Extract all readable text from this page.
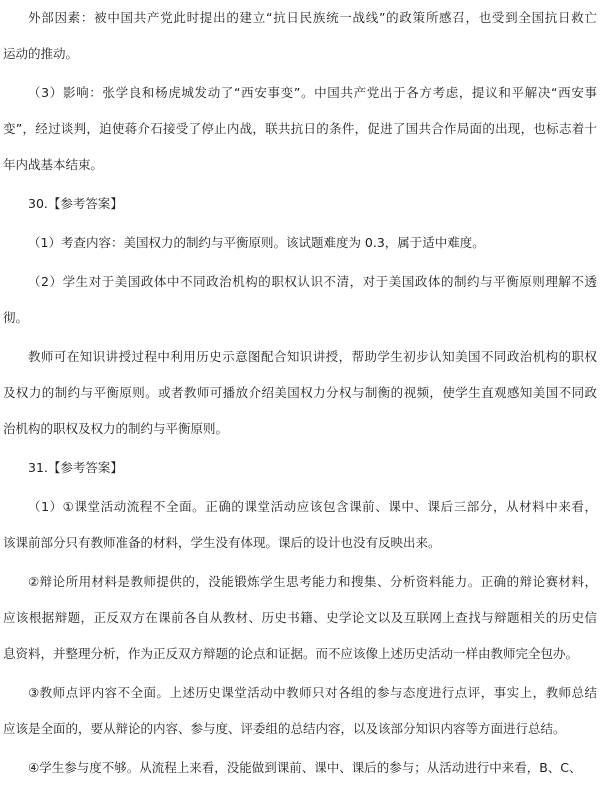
外部因素：被中国共产党此时提出的建立“抗日民族统一战线”的政策所感召，也受到全国抗日救亡
运动的推动。

（3）影响：张学良和杨虎城发动了“西安事变”。中国共产党出于各方考虑，提议和平解决“西安事
变”，经过谈判，迫使蒋介石接受了停止内战，联共抗日的条件，促进了国共合作局面的出现，也标志着十
年内战基本结束。

30.【参考答案】

（1）考查内容：美国权力的制约与平衡原则。该试题难度为 0.3，属于适中难度。

（2）学生对于美国政体中不同政治机构的职权认识不清，对于美国政体的制约与平衡原则理解不透
彻。

教师可在知识讲授过程中利用历史示意图配合知识讲授，帮助学生初步认知美国不同政治机构的职权
及权力的制约与平衡原则。或者教师可播放介绍美国权力分权与制衡的视频，使学生直观感知美国不同政
治机构的职权及权力的制约与平衡原则。

31.【参考答案】

（1）①课堂活动流程不全面。正确的课堂活动应该包含课前、课中、课后三部分，从材料中来看，
该课前部分只有教师准备的材料，学生没有体现。课后的设计也没有反映出来。

②辩论所用材料是教师提供的，没能锻炼学生思考能力和搜集、分析资料能力。正确的辩论赛材料，
应该根据辩题，正反双方在课前各自从教材、历史书籍、史学论文以及互联网上查找与辩题相关的历史信
息资料，并整理分析，作为正反双方辩题的论点和证据。而不应该像上述历史活动一样由教师完全包办。

③教师点评内容不全面。上述历史课堂活动中教师只对各组的参与态度进行点评，事实上，教师总结
应该是全面的，要从辩论的内容、参与度、评委组的总结内容，以及该部分知识内容等方面进行总结。

④学生参与度不够。从流程上来看，没能做到课前、课中、课后的参与；从活动进行中来看，B、C、
